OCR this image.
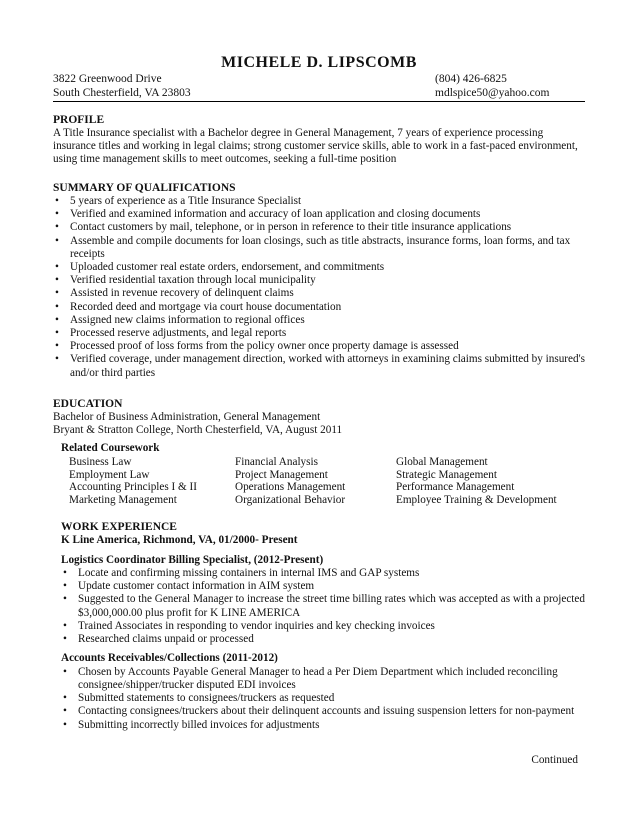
MICHELE D. LIPSCOMB
3822 Greenwood Drive	(804) 426-6825
South Chesterfield, VA 23803	mdlspice50@yahoo.com
PROFILE

A Title Insurance specialist with a Bachelor degree in General Management, 7 years of experience processing insurance titles and working in legal claims; strong customer service skills, able to work in a fast-paced environment, using time management skills to meet outcomes, seeking a full-time position

SUMMARY OF QUALIFICATIONS
• 5 years of experience as a Title Insurance Specialist
• Verified and examined information and accuracy of loan application and closing documents
• Contact customers by mail, telephone, or in person in reference to their title insurance applications
• Assemble and compile documents for loan closings, such as title abstracts, insurance forms, loan forms, and tax receipts
• Uploaded customer real estate orders, endorsement, and commitments
• Verified residential taxation through local municipality
• Assisted in revenue recovery of delinquent claims
• Recorded deed and mortgage via court house documentation
• Assigned new claims information to regional offices
• Processed reserve adjustments, and legal reports
• Processed proof of loss forms from the policy owner once property damage is assessed
• Verified coverage, under management direction, worked with attorneys in examining claims submitted by insured's and/or third parties
EDUCATION

Bachelor of Business Administration, General Management

Bryant & Stratton College, North Chesterfield, VA, August 2011

Related Coursework
Business Law
Employment Law
Accounting Principles I & II
Marketing Management
Financial Analysis
Project Management
Operations Management
Organizational Behavior
Global Management
Strategic Management
Performance Management
Employee Training & Development
WORK EXPERIENCE
K Line America, Richmond, VA, 01/2000- Present
Logistics Coordinator Billing Specialist, (2012-Present)
• Locate and confirming missing containers in internal IMS and GAP systems
• Update customer contact information in AIM system
• Suggested to the General Manager to increase the street time billing rates which was accepted as with a projected $3,000,000.00 plus profit for K LINE AMERICA
• Trained Associates in responding to vendor inquiries and key checking invoices
• Researched claims unpaid or processed
Accounts Receivables/Collections (2011-2012)
• Chosen by Accounts Payable General Manager to head a Per Diem Department which included reconciling consignee/shipper/trucker disputed EDI invoices
• Submitted statements to consignees/truckers as requested
• Contacting consignees/truckers about their delinquent accounts and issuing suspension letters for non-payment
• Submitting incorrectly billed invoices for adjustments
Continued
